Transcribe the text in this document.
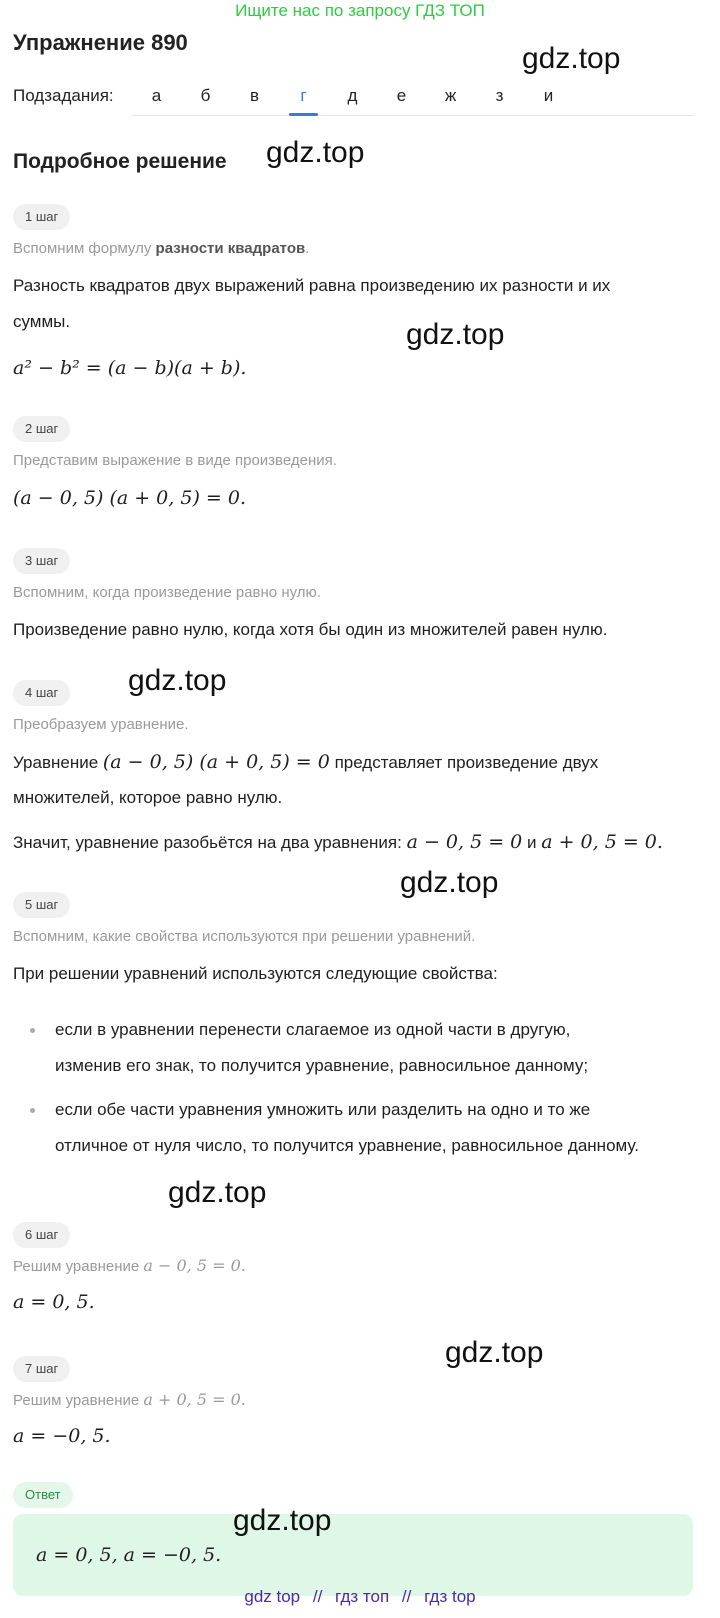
Ищите нас по запросу ГДЗ ТОП
Упражнение 890	gdz.top
Подзадания:	а	б	в	г	д	е	ж	з	и
Подробное решение gdz.top
1 шаг
Вспомним формулу разности квадратов.
Разность квадратов двух выражений равна произведению их разности и их
суммы.	gdz.top
a² − b² = (a − b)(a + b).
2 шаг
Представим выражение в виде произведения.
(a − 0, 5) (a + 0, 5) = 0.
3 шаг
Вспомним, когда произведение равно нулю.
Произведение равно нулю, когда хотя бы один из множителей равен нулю.
4 шаг	gdz.top
Преобразуем уравнение.
Уравнение (a − 0, 5) (a + 0, 5) = 0 представляет произведение двух
множителей, которое равно нулю.
Значит, уравнение разобьётся на два уравнения: a − 0, 5 = 0 и a + 0, 5 = 0.
gdz.top
5 шаг
Вспомним, какие свойства используются при решении уравнений.
При решении уравнений используются следующие свойства:
если в уравнении перенести слагаемое из одной части в другую,
изменив его знак, то получится уравнение, равносильное данному;
если обе части уравнения умножить или разделить на одно и то же
отличное от нуля число, то получится уравнение, равносильное данному.
gdz.top
6 шаг
Решим уравнение a − 0, 5 = 0.
a = 0, 5.
gdz.top
7 шаг
Решим уравнение a + 0, 5 = 0.
a = −0, 5.
Ответ
a = 0, 5, a = −0, 5.
gdz.top
gdz top // гдз топ // гдз top
